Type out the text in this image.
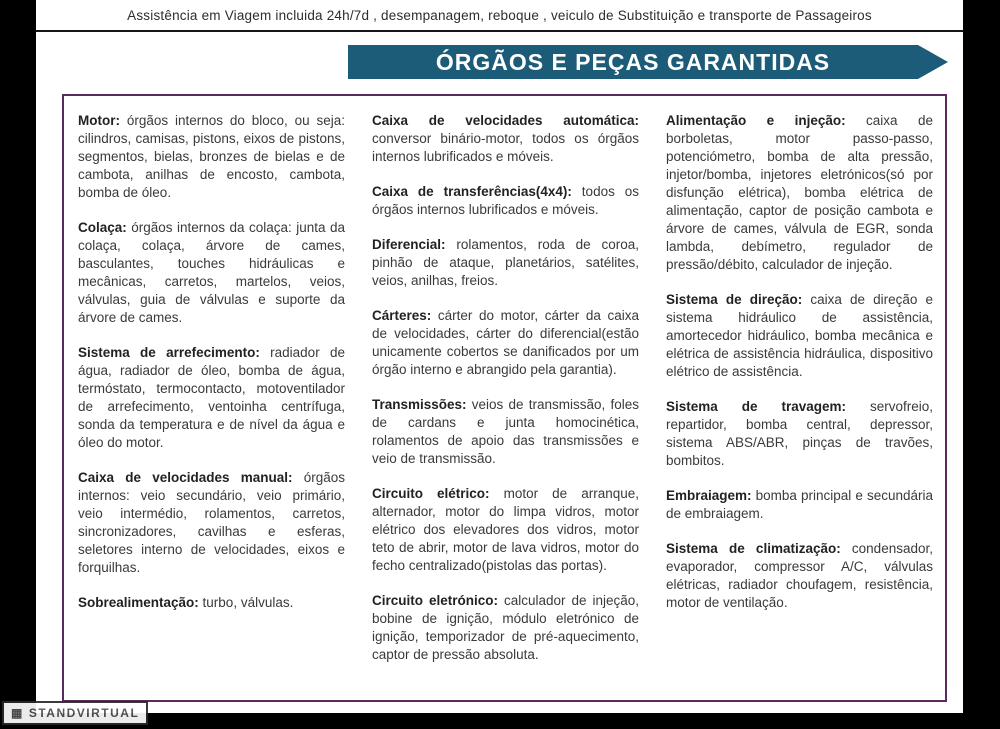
Assistência em Viagem incluida 24h/7d , desempanagem, reboque , veiculo de Substituição e transporte de Passageiros
ÓRGÃOS E PEÇAS GARANTIDAS

Motor: órgãos internos do bloco, ou seja: cilindros, camisas, pistons, eixos de pistons, segmentos, bielas, bronzes de bielas e de cambota, anilhas de encosto, cambota, bomba de óleo.

Colaça: órgãos internos da colaça: junta da colaça, colaça, árvore de cames, basculantes, touches hidráulicas e mecânicas, carretos, martelos, veios, válvulas, guia de válvulas e suporte da árvore de cames.

Sistema de arrefecimento: radiador de água, radiador de óleo, bomba de água, termóstato, termocontacto, motoventilador de arrefecimento, ventoinha centrífuga, sonda da temperatura e de nível da água e óleo do motor.

Caixa de velocidades manual: órgãos internos: veio secundário, veio primário, veio intermédio, rolamentos, carretos, sincronizadores, cavilhas e esferas, seletores interno de velocidades, eixos e forquilhas.

Sobrealimentação: turbo, válvulas.

Caixa de velocidades automática: conversor binário-motor, todos os órgãos internos lubrificados e móveis.

Caixa de transferências(4x4): todos os órgãos internos lubrificados e móveis.

Diferencial: rolamentos, roda de coroa, pinhão de ataque, planetários, satélites, veios, anilhas, freios.

Cárteres: cárter do motor, cárter da caixa de velocidades, cárter do diferencial(estão unicamente cobertos se danificados por um órgão interno e abrangido pela garantia).

Transmissões: veios de transmissão, foles de cardans e junta homocinética, rolamentos de apoio das transmissões e veio de transmissão.

Circuito elétrico: motor de arranque, alternador, motor do limpa vidros, motor elétrico dos elevadores dos vidros, motor teto de abrir, motor de lava vidros, motor do fecho centralizado(pistolas das portas).

Circuito eletrónico: calculador de injeção, bobine de ignição, módulo eletrónico de ignição, temporizador de pré-aquecimento, captor de pressão absoluta.

Alimentação e injeção: caixa de borboletas, motor passo-passo, potenciómetro, bomba de alta pressão, injetor/bomba, injetores eletrónicos(só por disfunção elétrica), bomba elétrica de alimentação, captor de posição cambota e árvore de cames, válvula de EGR, sonda lambda, debímetro, regulador de pressão/débito, calculador de injeção.

Sistema de direção: caixa de direção e sistema hidráulico de assistência, amortecedor hidráulico, bomba mecânica e elétrica de assistência hidráulica, dispositivo elétrico de assistência.

Sistema de travagem: servofreio, repartidor, bomba central, depressor, sistema ABS/ABR, pinças de travões, bombitos.

Embraiagem: bomba principal e secundária de embraiagem.

Sistema de climatização: condensador, evaporador, compressor A/C, válvulas elétricas, radiador choufagem, resistência, motor de ventilação.

▦ STANDVIRTUAL
